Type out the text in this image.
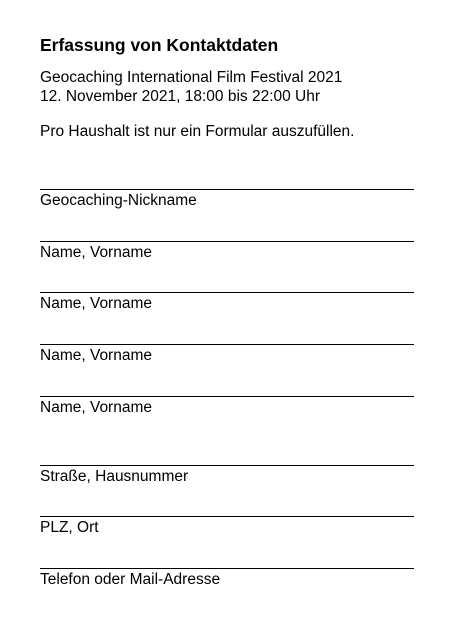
Erfassung von Kontaktdaten
Geocaching International Film Festival 2021
12. November 2021, 18:00 bis 22:00 Uhr
Pro Haushalt ist nur ein Formular auszufüllen.
Geocaching-Nickname
Name, Vorname
Name, Vorname
Name, Vorname
Name, Vorname
Straße, Hausnummer
PLZ, Ort
Telefon oder Mail-Adresse
